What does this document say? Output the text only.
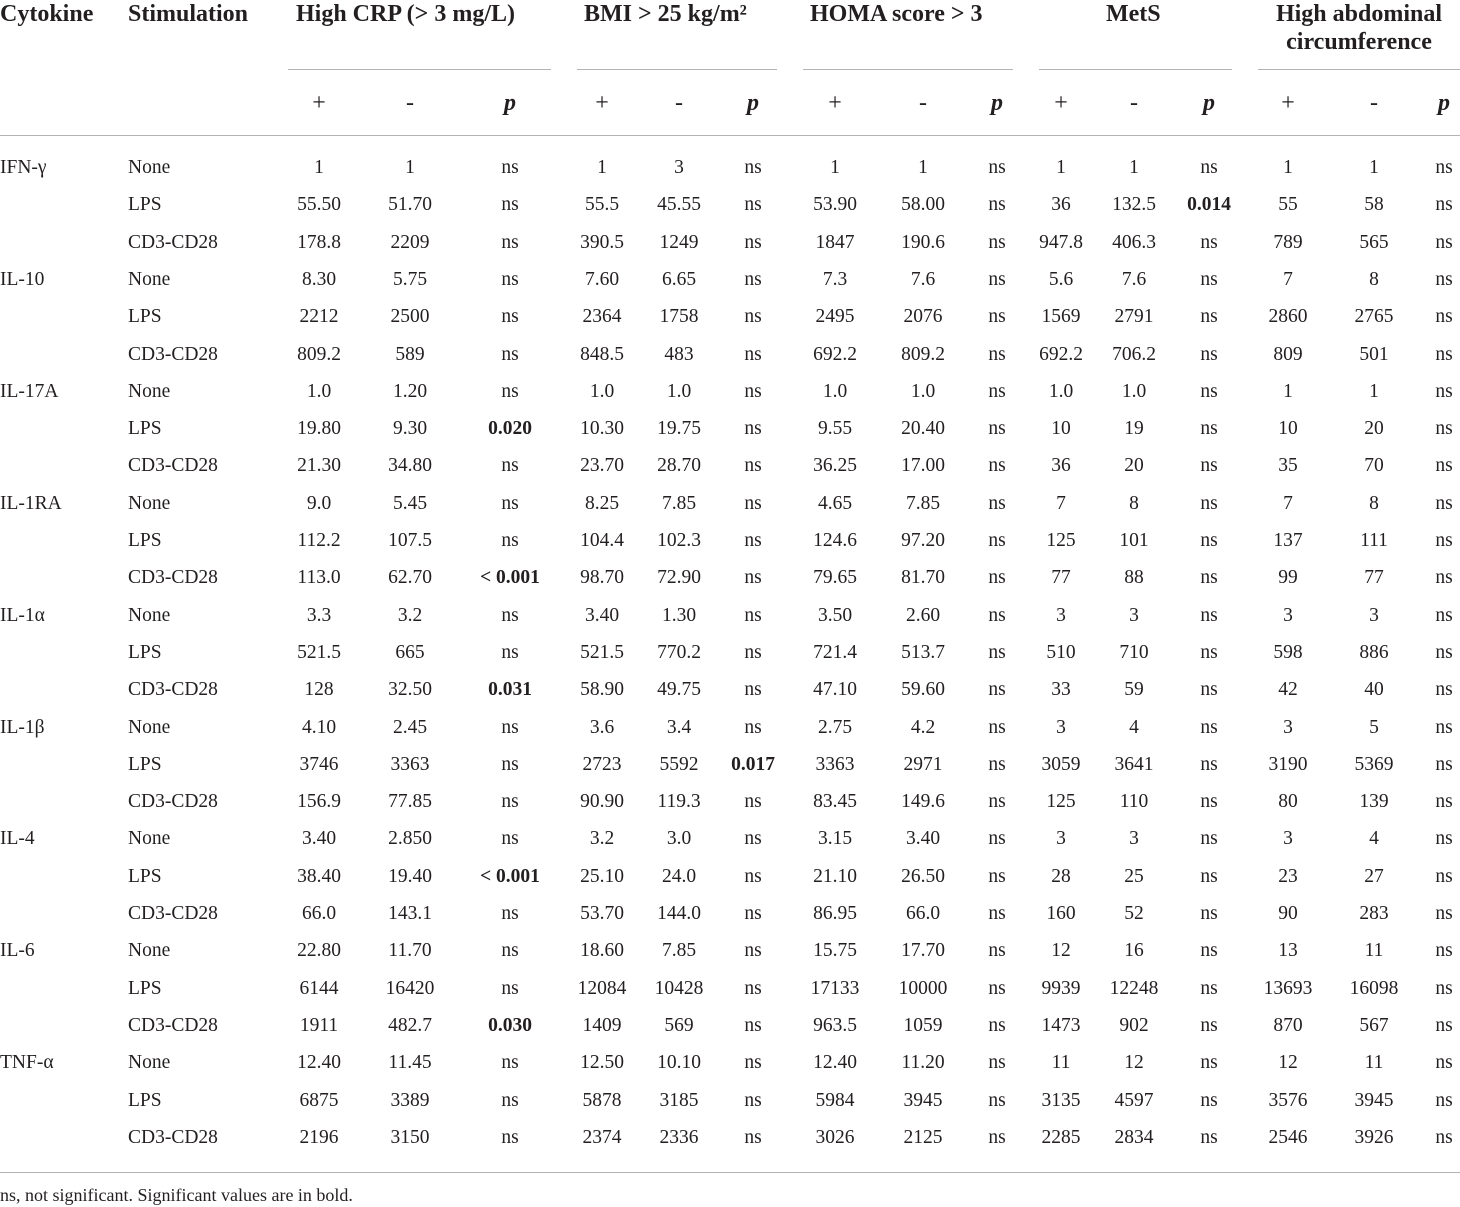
Cytokine Stimulation High CRP (> 3 mg/L)	BMI > 25 kg/m²	HOMA score > 3	MetS	High abdominal circumference
+	-	p	+	-	p	+	-	p	+	-	p	+	-	p
IFN-γ	None	1	1	ns	1	3	ns	1	1	ns	1	1	ns	1	1	ns
LPS	55.50	51.70	ns	55.5	45.55	ns	53.90	58.00	ns	36	132.5	0.014	55	58	ns
CD3-CD28	178.8	2209	ns	390.5	1249	ns	1847	190.6	ns	947.8	406.3	ns	789	565	ns
IL-10	None	8.30	5.75	ns	7.60	6.65	ns	7.3	7.6	ns	5.6	7.6	ns	7	8	ns
LPS	2212	2500	ns	2364	1758	ns	2495	2076	ns	1569	2791	ns	2860	2765	ns
CD3-CD28	809.2	589	ns	848.5	483	ns	692.2	809.2	ns	692.2	706.2	ns	809	501	ns
IL-17A	None	1.0	1.20	ns	1.0	1.0	ns	1.0	1.0	ns	1.0	1.0	ns	1	1	ns
LPS	19.80	9.30	0.020	10.30	19.75	ns	9.55	20.40	ns	10	19	ns	10	20	ns
CD3-CD28	21.30	34.80	ns	23.70	28.70	ns	36.25	17.00	ns	36	20	ns	35	70	ns
IL-1RA	None	9.0	5.45	ns	8.25	7.85	ns	4.65	7.85	ns	7	8	ns	7	8	ns
LPS	112.2	107.5	ns	104.4	102.3	ns	124.6	97.20	ns	125	101	ns	137	111	ns
CD3-CD28	113.0	62.70	< 0.001	98.70	72.90	ns	79.65	81.70	ns	77	88	ns	99	77	ns
IL-1α	None	3.3	3.2	ns	3.40	1.30	ns	3.50	2.60	ns	3	3	ns	3	3	ns
LPS	521.5	665	ns	521.5	770.2	ns	721.4	513.7	ns	510	710	ns	598	886	ns
CD3-CD28	128	32.50	0.031	58.90	49.75	ns	47.10	59.60	ns	33	59	ns	42	40	ns
IL-1β	None	4.10	2.45	ns	3.6	3.4	ns	2.75	4.2	ns	3	4	ns	3	5	ns
LPS	3746	3363	ns	2723	5592	0.017	3363	2971	ns	3059	3641	ns	3190	5369	ns
CD3-CD28	156.9	77.85	ns	90.90	119.3	ns	83.45	149.6	ns	125	110	ns	80	139	ns
IL-4	None	3.40	2.850	ns	3.2	3.0	ns	3.15	3.40	ns	3	3	ns	3	4	ns
LPS	38.40	19.40	< 0.001	25.10	24.0	ns	21.10	26.50	ns	28	25	ns	23	27	ns
CD3-CD28	66.0	143.1	ns	53.70	144.0	ns	86.95	66.0	ns	160	52	ns	90	283	ns
IL-6	None	22.80	11.70	ns	18.60	7.85	ns	15.75	17.70	ns	12	16	ns	13	11	ns
LPS	6144	16420	ns	12084	10428	ns	17133	10000	ns	9939	12248	ns	13693	16098	ns
CD3-CD28	1911	482.7	0.030	1409	569	ns	963.5	1059	ns	1473	902	ns	870	567	ns
TNF-α	None	12.40	11.45	ns	12.50	10.10	ns	12.40	11.20	ns	11	12	ns	12	11	ns
LPS	6875	3389	ns	5878	3185	ns	5984	3945	ns	3135	4597	ns	3576	3945	ns
CD3-CD28	2196	3150	ns	2374	2336	ns	3026	2125	ns	2285	2834	ns	2546	3926	ns
ns, not significant. Significant values are in bold.
